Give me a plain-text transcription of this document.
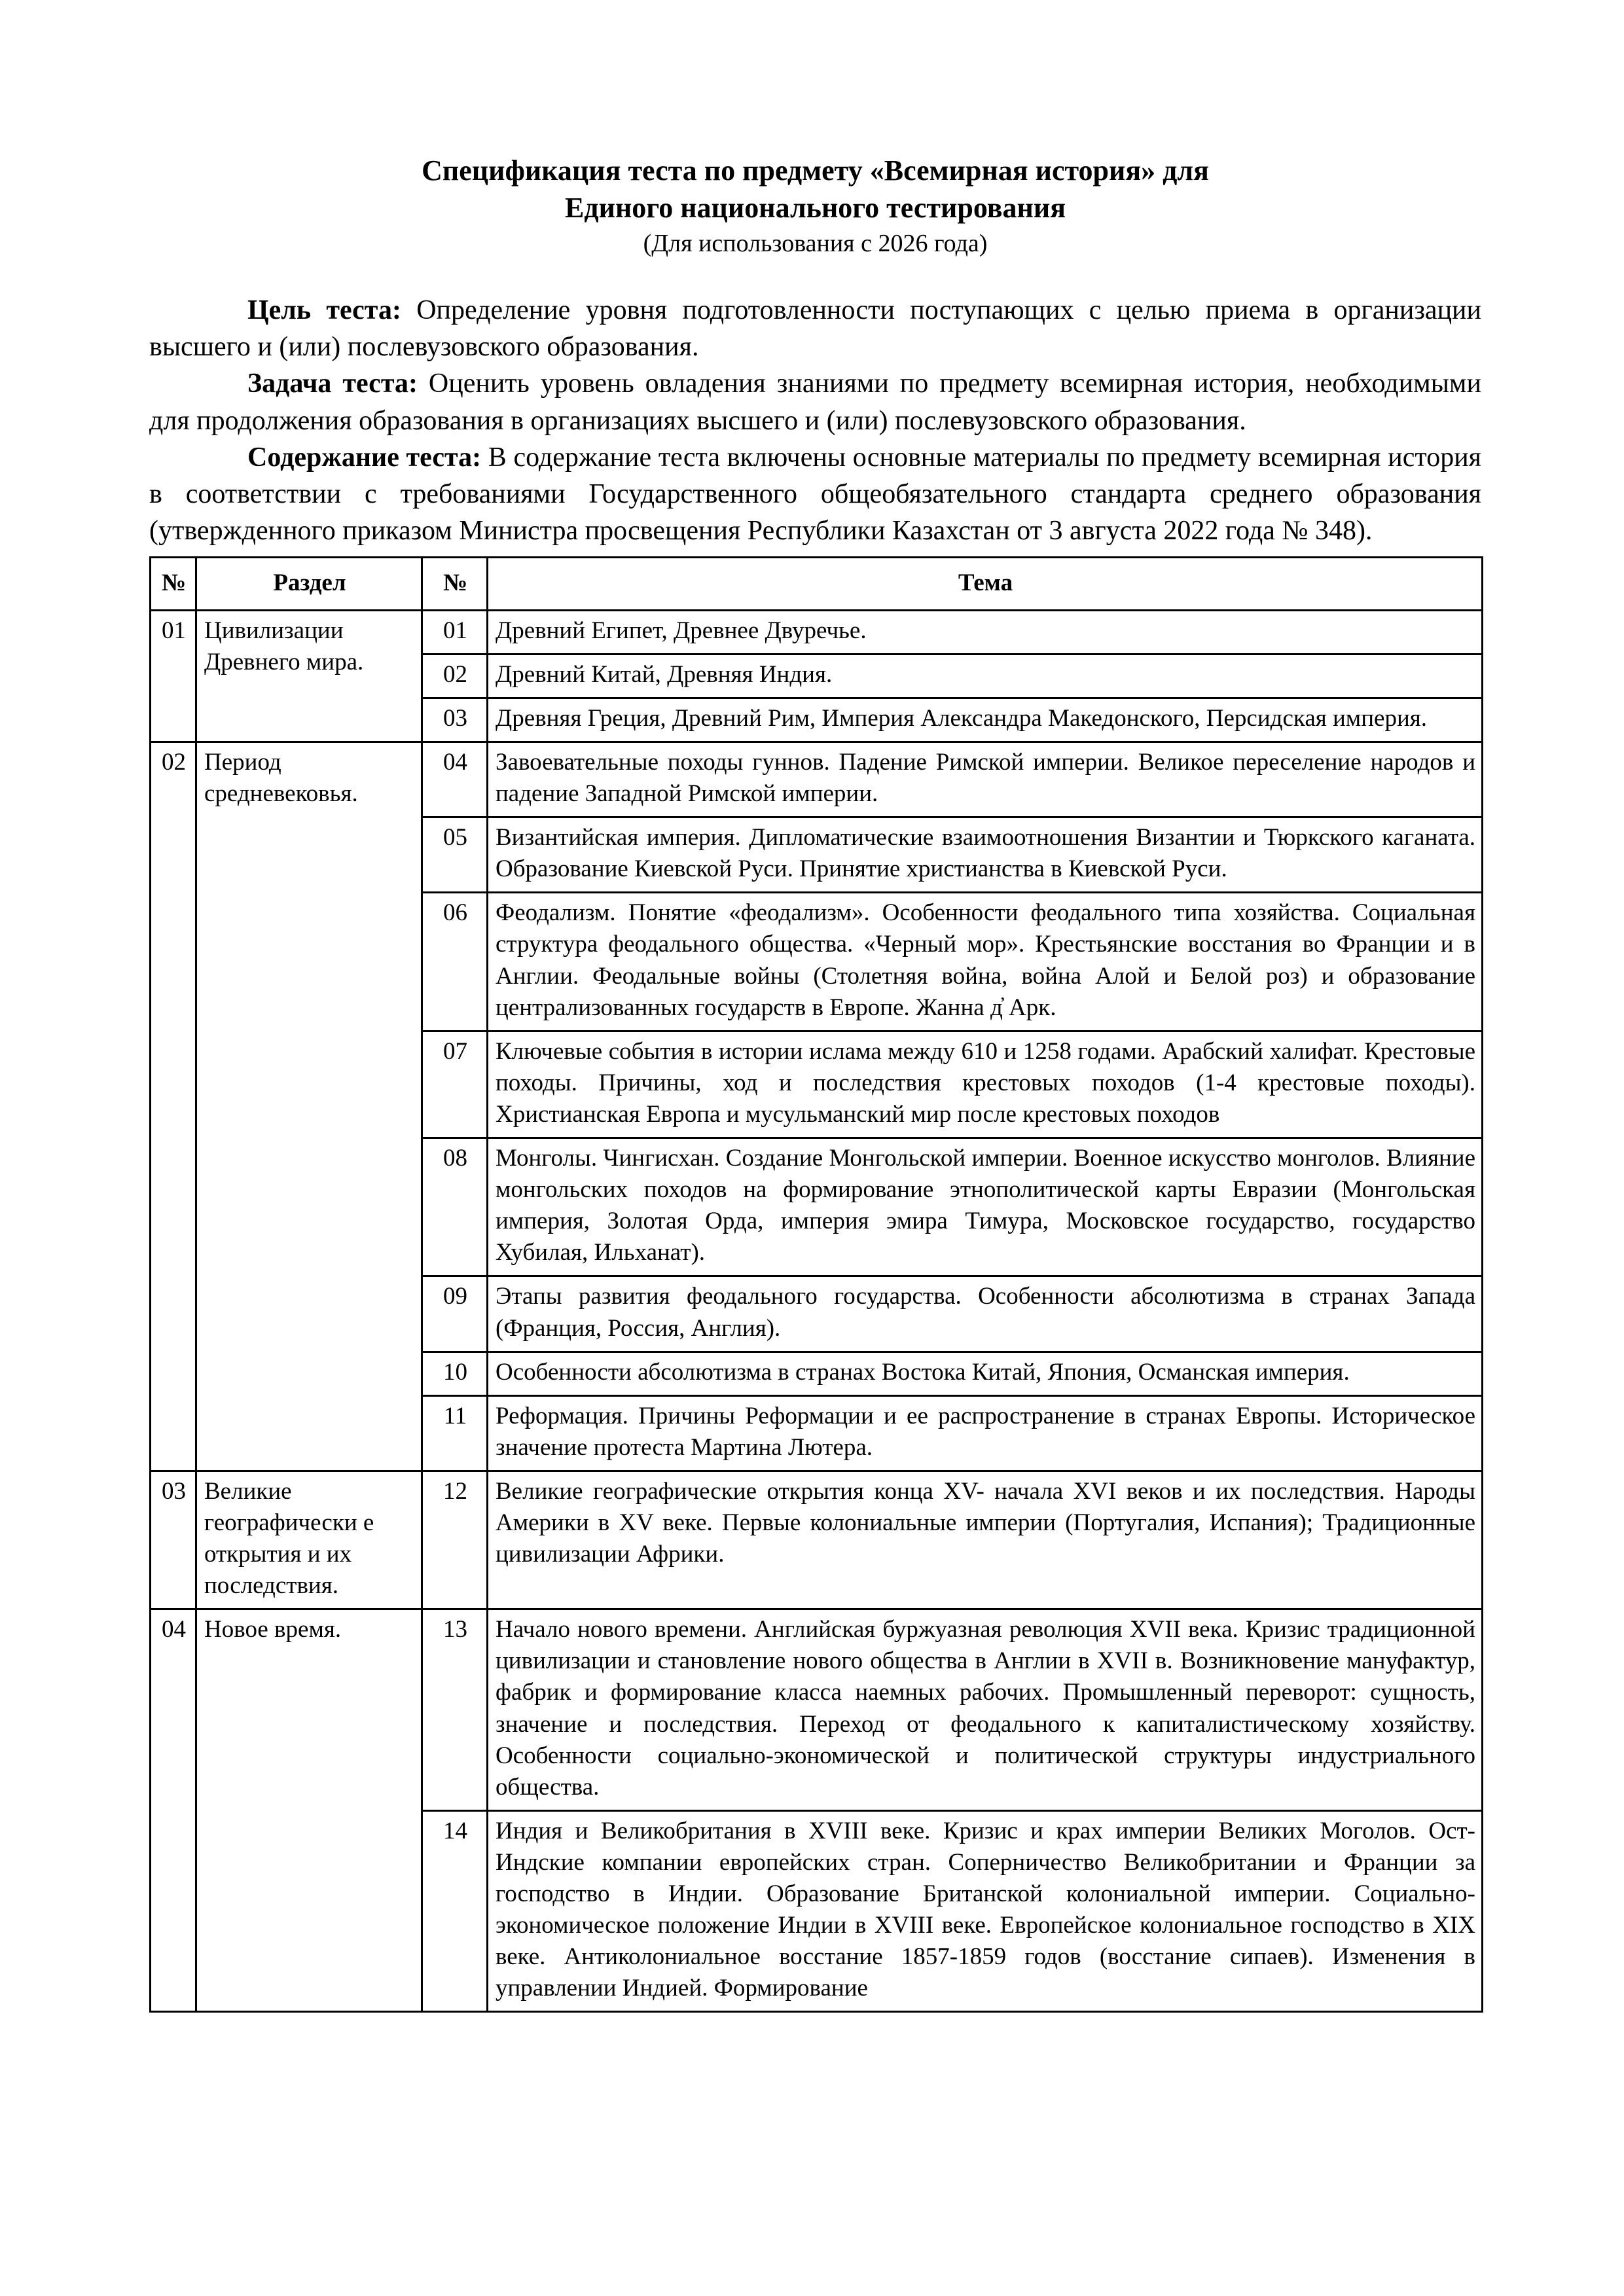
Спецификация теста по предмету «Всемирная история» для
Единого национального тестирования
(Для использования с 2026 года)
Цель теста: Определение уровня подготовленности поступающих с целью приема в организации высшего и (или) послевузовского образования.
Задача теста: Оценить уровень овладения знаниями по предмету всемирная история, необходимыми для продолжения образования в организациях высшего и (или) послевузовского образования.
Содержание теста: В содержание теста включены основные материалы по предмету всемирная история в соответствии с требованиями Государственного общеобязательного стандарта среднего образования (утвержденного приказом Министра просвещения Республики Казахстан от 3 августа 2022 года № 348).
№	Раздел	№	Тема
01	Цивилизации Древнего мира.	01	Древний Египет, Древнее Двуречье.
		02	Древний Китай, Древняя Индия.
		03	Древняя Греция, Древний Рим, Империя Александра Македонского, Персидская империя.
02	Период средневековья.	04	Завоевательные походы гуннов. Падение Римской империи. Великое переселение народов и падение Западной Римской империи.
		05	Византийская империя. Дипломатические взаимоотношения Византии и Тюркского каганата. Образование Киевской Руси. Принятие христианства в Киевской Руси.
		06	Феодализм. Понятие «феодализм». Особенности феодального типа хозяйства. Социальная структура феодального общества. «Черный мор». Крестьянские восстания во Франции и в Англии. Феодальные войны (Столетняя война, война Алой и Белой роз) и образование централизованных государств в Европе. Жанна д̓ Арк.
		07	Ключевые события в истории ислама между 610 и 1258 годами. Арабский халифат. Крестовые походы. Причины, ход и последствия крестовых походов (1-4 крестовые походы). Христианская Европа и мусульманский мир после крестовых походов
		08	Монголы. Чингисхан. Создание Монгольской империи. Военное искусство монголов. Влияние монгольских походов на формирование этнополитической карты Евразии (Монгольская империя, Золотая Орда, империя эмира Тимура, Московское государство, государство Хубилая, Ильханат).
		09	Этапы развития феодального государства. Особенности абсолютизма в странах Запада (Франция, Россия, Англия).
		10	Особенности абсолютизма в странах Востока Китай, Япония, Османская империя.
		11	Реформация. Причины Реформации и ее распространение в странах Европы. Историческое значение протеста Мартина Лютера.
03	Великие географически е открытия и их последствия.	12	Великие географические открытия конца XV- начала XVI веков и их последствия. Народы Америки в XV веке. Первые колониальные империи (Португалия, Испания); Традиционные цивилизации Африки.
04	Новое время.	13	Начало нового времени. Английская буржуазная революция XVII века. Кризис традиционной цивилизации и становление нового общества в Англии в XVII в. Возникновение мануфактур, фабрик и формирование класса наемных рабочих. Промышленный переворот: сущность, значение и последствия. Переход от феодального к капиталистическому хозяйству. Особенности социально-экономической и политической структуры индустриального общества.
		14	Индия и Великобритания в XVIII веке. Кризис и крах империи Великих Моголов. Ост-Индские компании европейских стран. Соперничество Великобритании и Франции за господство в Индии. Образование Британской колониальной империи. Социально-экономическое положение Индии в XVIII веке. Европейское колониальное господство в XIX веке. Антиколониальное восстание 1857-1859 годов (восстание сипаев). Изменения в управлении Индией. Формирование
